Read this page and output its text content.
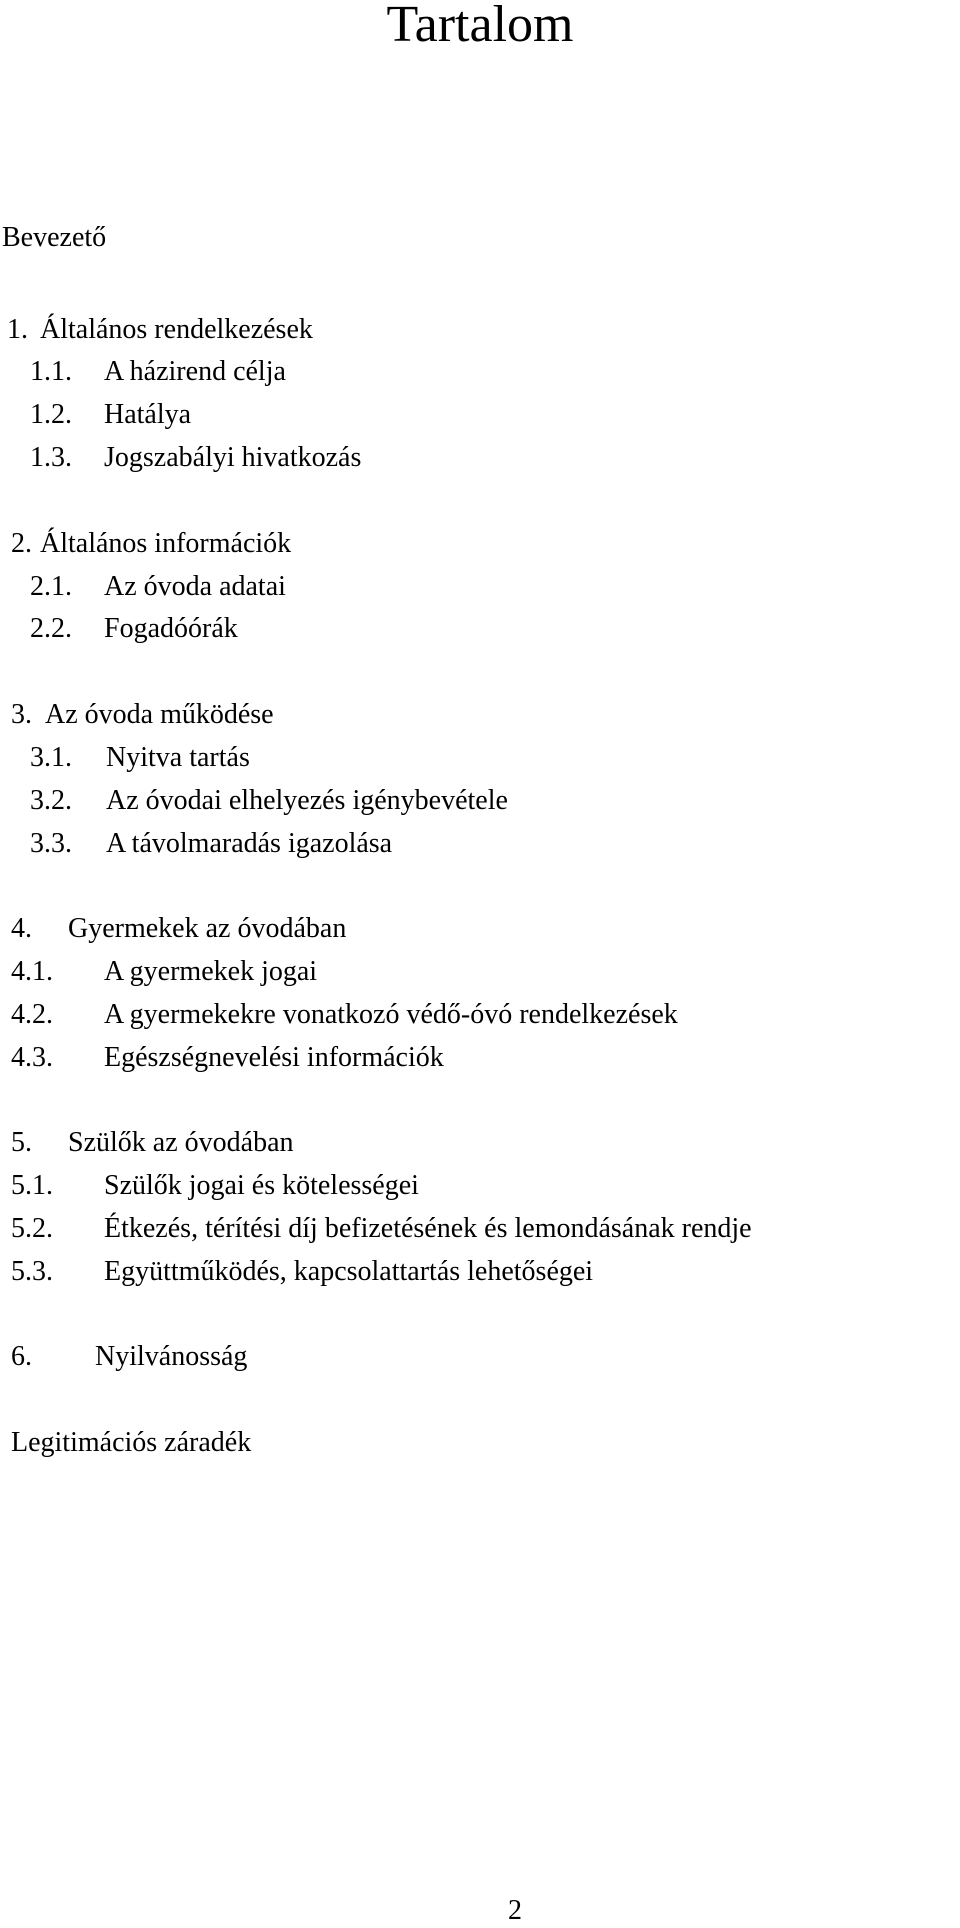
Tartalom
Bevezető
1. Általános rendelkezések
1.1. A házirend célja
1.2. Hatálya
1.3. Jogszabályi hivatkozás
2. Általános információk
2.1. Az óvoda adatai
2.2. Fogadóórák
3. Az óvoda működése
3.1. Nyitva tartás
3.2. Az óvodai elhelyezés igénybevétele
3.3. A távolmaradás igazolása
4. Gyermekek az óvodában
4.1. A gyermekek jogai
4.2. A gyermekekre vonatkozó védő-óvó rendelkezések
4.3. Egészségnevelési információk
5. Szülők az óvodában
5.1. Szülők jogai és kötelességei
5.2. Étkezés, térítési díj befizetésének és lemondásának rendje
5.3. Együttműködés, kapcsolattartás lehetőségei
6. Nyilvánosság
Legitimációs záradék
2
